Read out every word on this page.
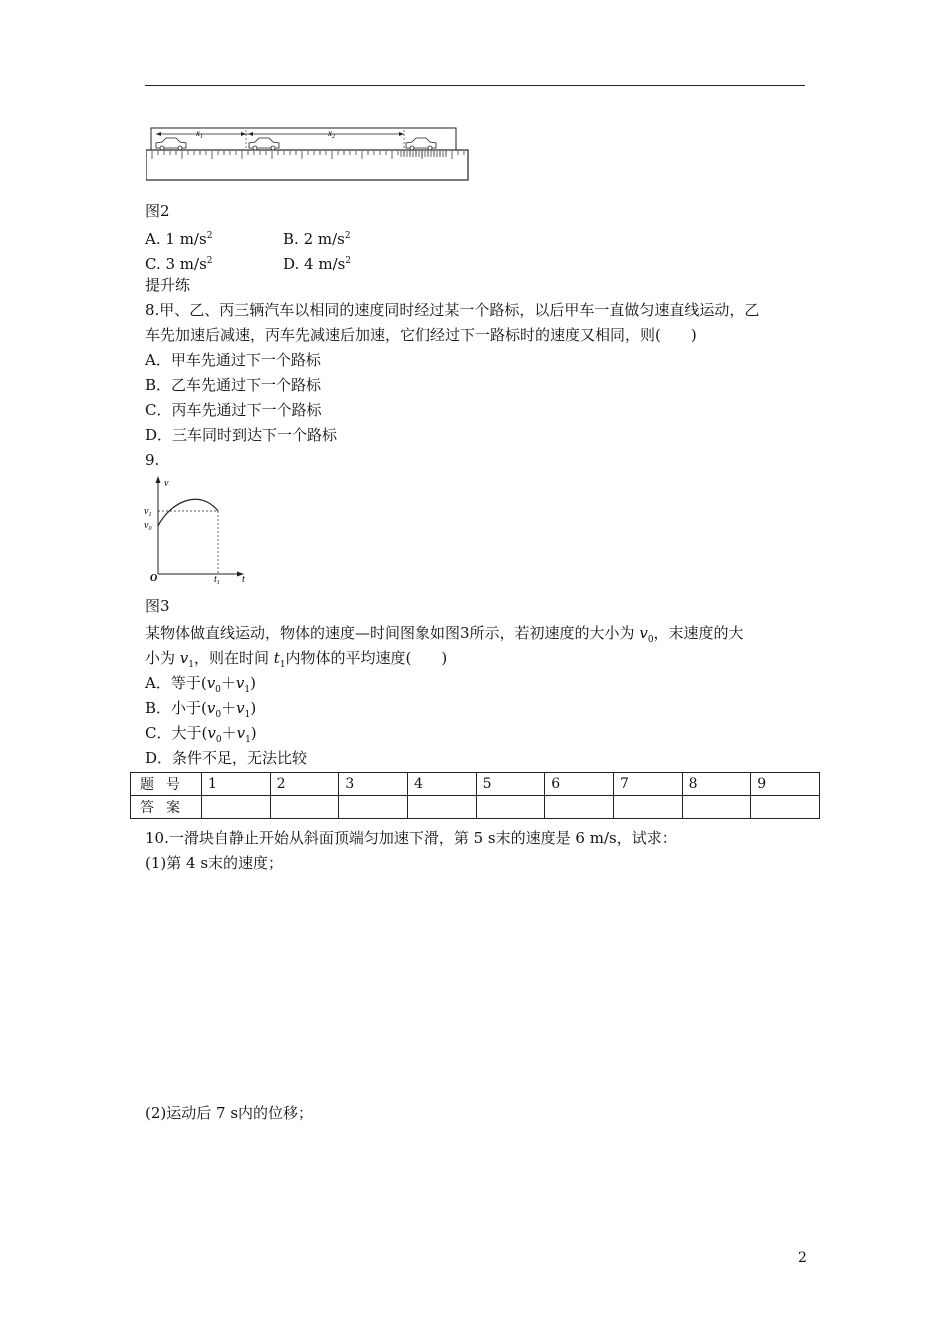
$x_1$	$x_2$
图2
A. 1 $m/s^2$	B. 2 $m/s^2$
C. 3 $m/s^2$	D. 4 $m/s^2$
提升练
8.甲、乙、丙三辆汽车以相同的速度同时经过某一个路标，以后甲车一直做匀速直线运动，乙
车先加速后减速，丙车先减速后加速，它们经过下一路标时的速度又相同，则(　　)
A．甲车先通过下一个路标
B．乙车先通过下一个路标
C．丙车先通过下一个路标
D．三车同时到达下一个路标
9.
v
$v_1$
$v_0$
O	$t_1$ t
图3
某物体做直线运动，物体的速度—时间图象如图3所示，若初速度的大小为 $v_0$，末速度的大
小为 $v_1$，则在时间 $t_1$内物体的平均速度(　　)
A．等于$(v_0+v_1)$
B．小于$(v_0+v_1)$
C．大于$(v_0+v_1)$
D．条件不足，无法比较
题号	1	2	3	4	5	6	7	8	9
答案									
10.一滑块自静止开始从斜面顶端匀加速下滑，第 5 s末的速度是 6 m/s，试求：
(1)第 4 s末的速度；
(2)运动后 7 s内的位移；
2
